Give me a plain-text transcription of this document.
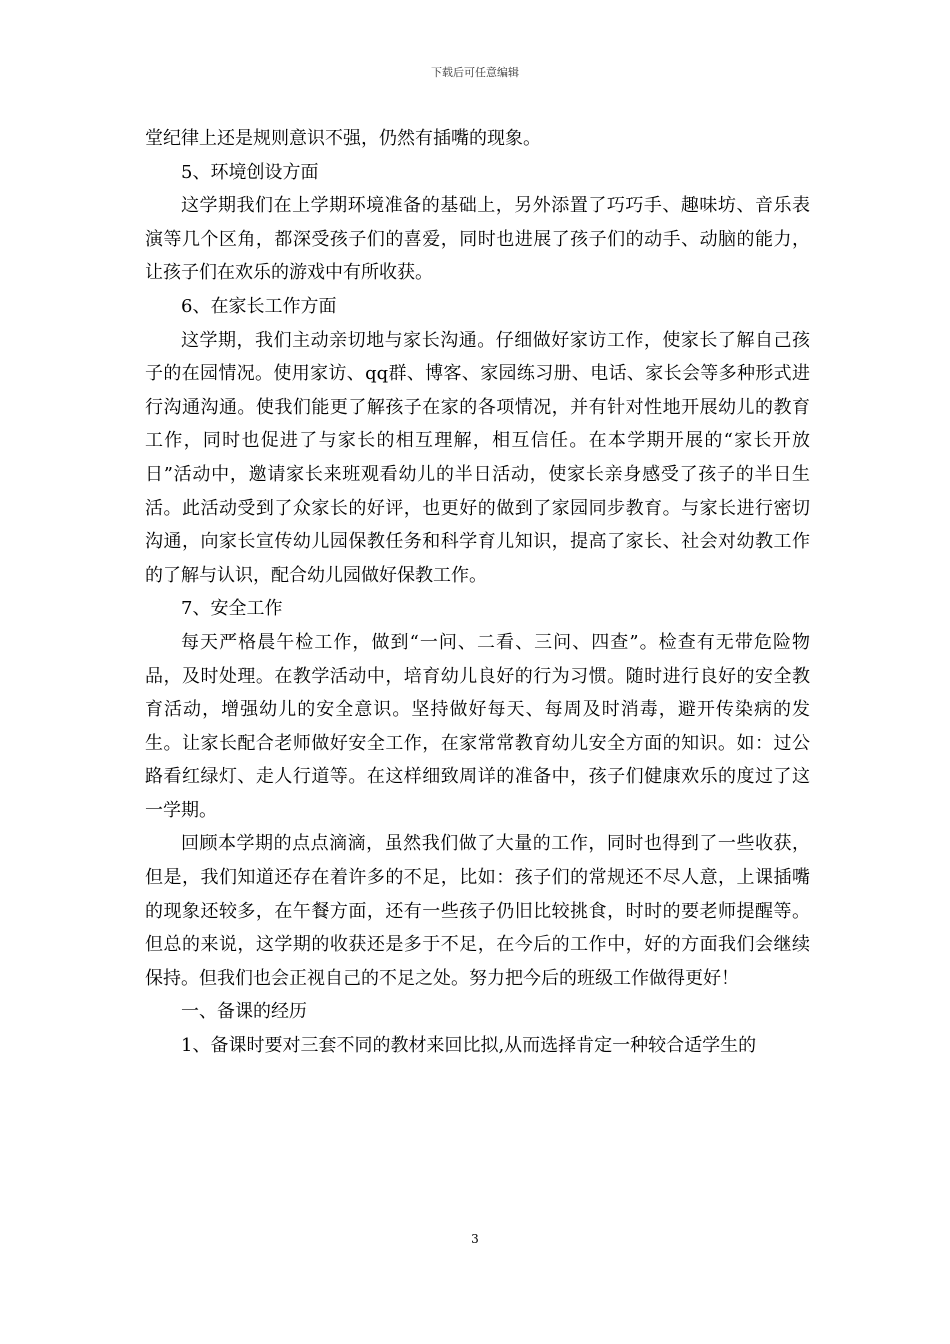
下载后可任意编辑

堂纪律上还是规则意识不强，仍然有插嘴的现象。

5、环境创设方面

这学期我们在上学期环境准备的基础上，另外添置了巧巧手、趣味坊、音乐表演等几个区角，都深受孩子们的喜爱，同时也进展了孩子们的动手、动脑的能力，让孩子们在欢乐的游戏中有所收获。

6、在家长工作方面

这学期，我们主动亲切地与家长沟通。仔细做好家访工作，使家长了解自己孩子的在园情况。使用家访、qq群、博客、家园练习册、电话、家长会等多种形式进行沟通沟通。使我们能更了解孩子在家的各项情况，并有针对性地开展幼儿的教育工作，同时也促进了与家长的相互理解，相互信任。在本学期开展的“家长开放日”活动中，邀请家长来班观看幼儿的半日活动，使家长亲身感受了孩子的半日生活。此活动受到了众家长的好评，也更好的做到了家园同步教育。与家长进行密切沟通，向家长宣传幼儿园保教任务和科学育儿知识，提高了家长、社会对幼教工作的了解与认识，配合幼儿园做好保教工作。

7、安全工作

每天严格晨午检工作，做到“一问、二看、三问、四查”。检查有无带危险物品，及时处理。在教学活动中，培育幼儿良好的行为习惯。随时进行良好的安全教育活动，增强幼儿的安全意识。坚持做好每天、每周及时消毒，避开传染病的发生。让家长配合老师做好安全工作，在家常常教育幼儿安全方面的知识。如：过公路看红绿灯、走人行道等。在这样细致周详的准备中，孩子们健康欢乐的度过了这一学期。

回顾本学期的点点滴滴，虽然我们做了大量的工作，同时也得到了一些收获，但是，我们知道还存在着许多的不足，比如：孩子们的常规还不尽人意，上课插嘴的现象还较多，在午餐方面，还有一些孩子仍旧比较挑食，时时的要老师提醒等。但总的来说，这学期的收获还是多于不足，在今后的工作中，好的方面我们会继续保持。但我们也会正视自己的不足之处。努力把今后的班级工作做得更好！

一、备课的经历

1、备课时要对三套不同的教材来回比拟,从而选择肯定一种较合适学生的

3
